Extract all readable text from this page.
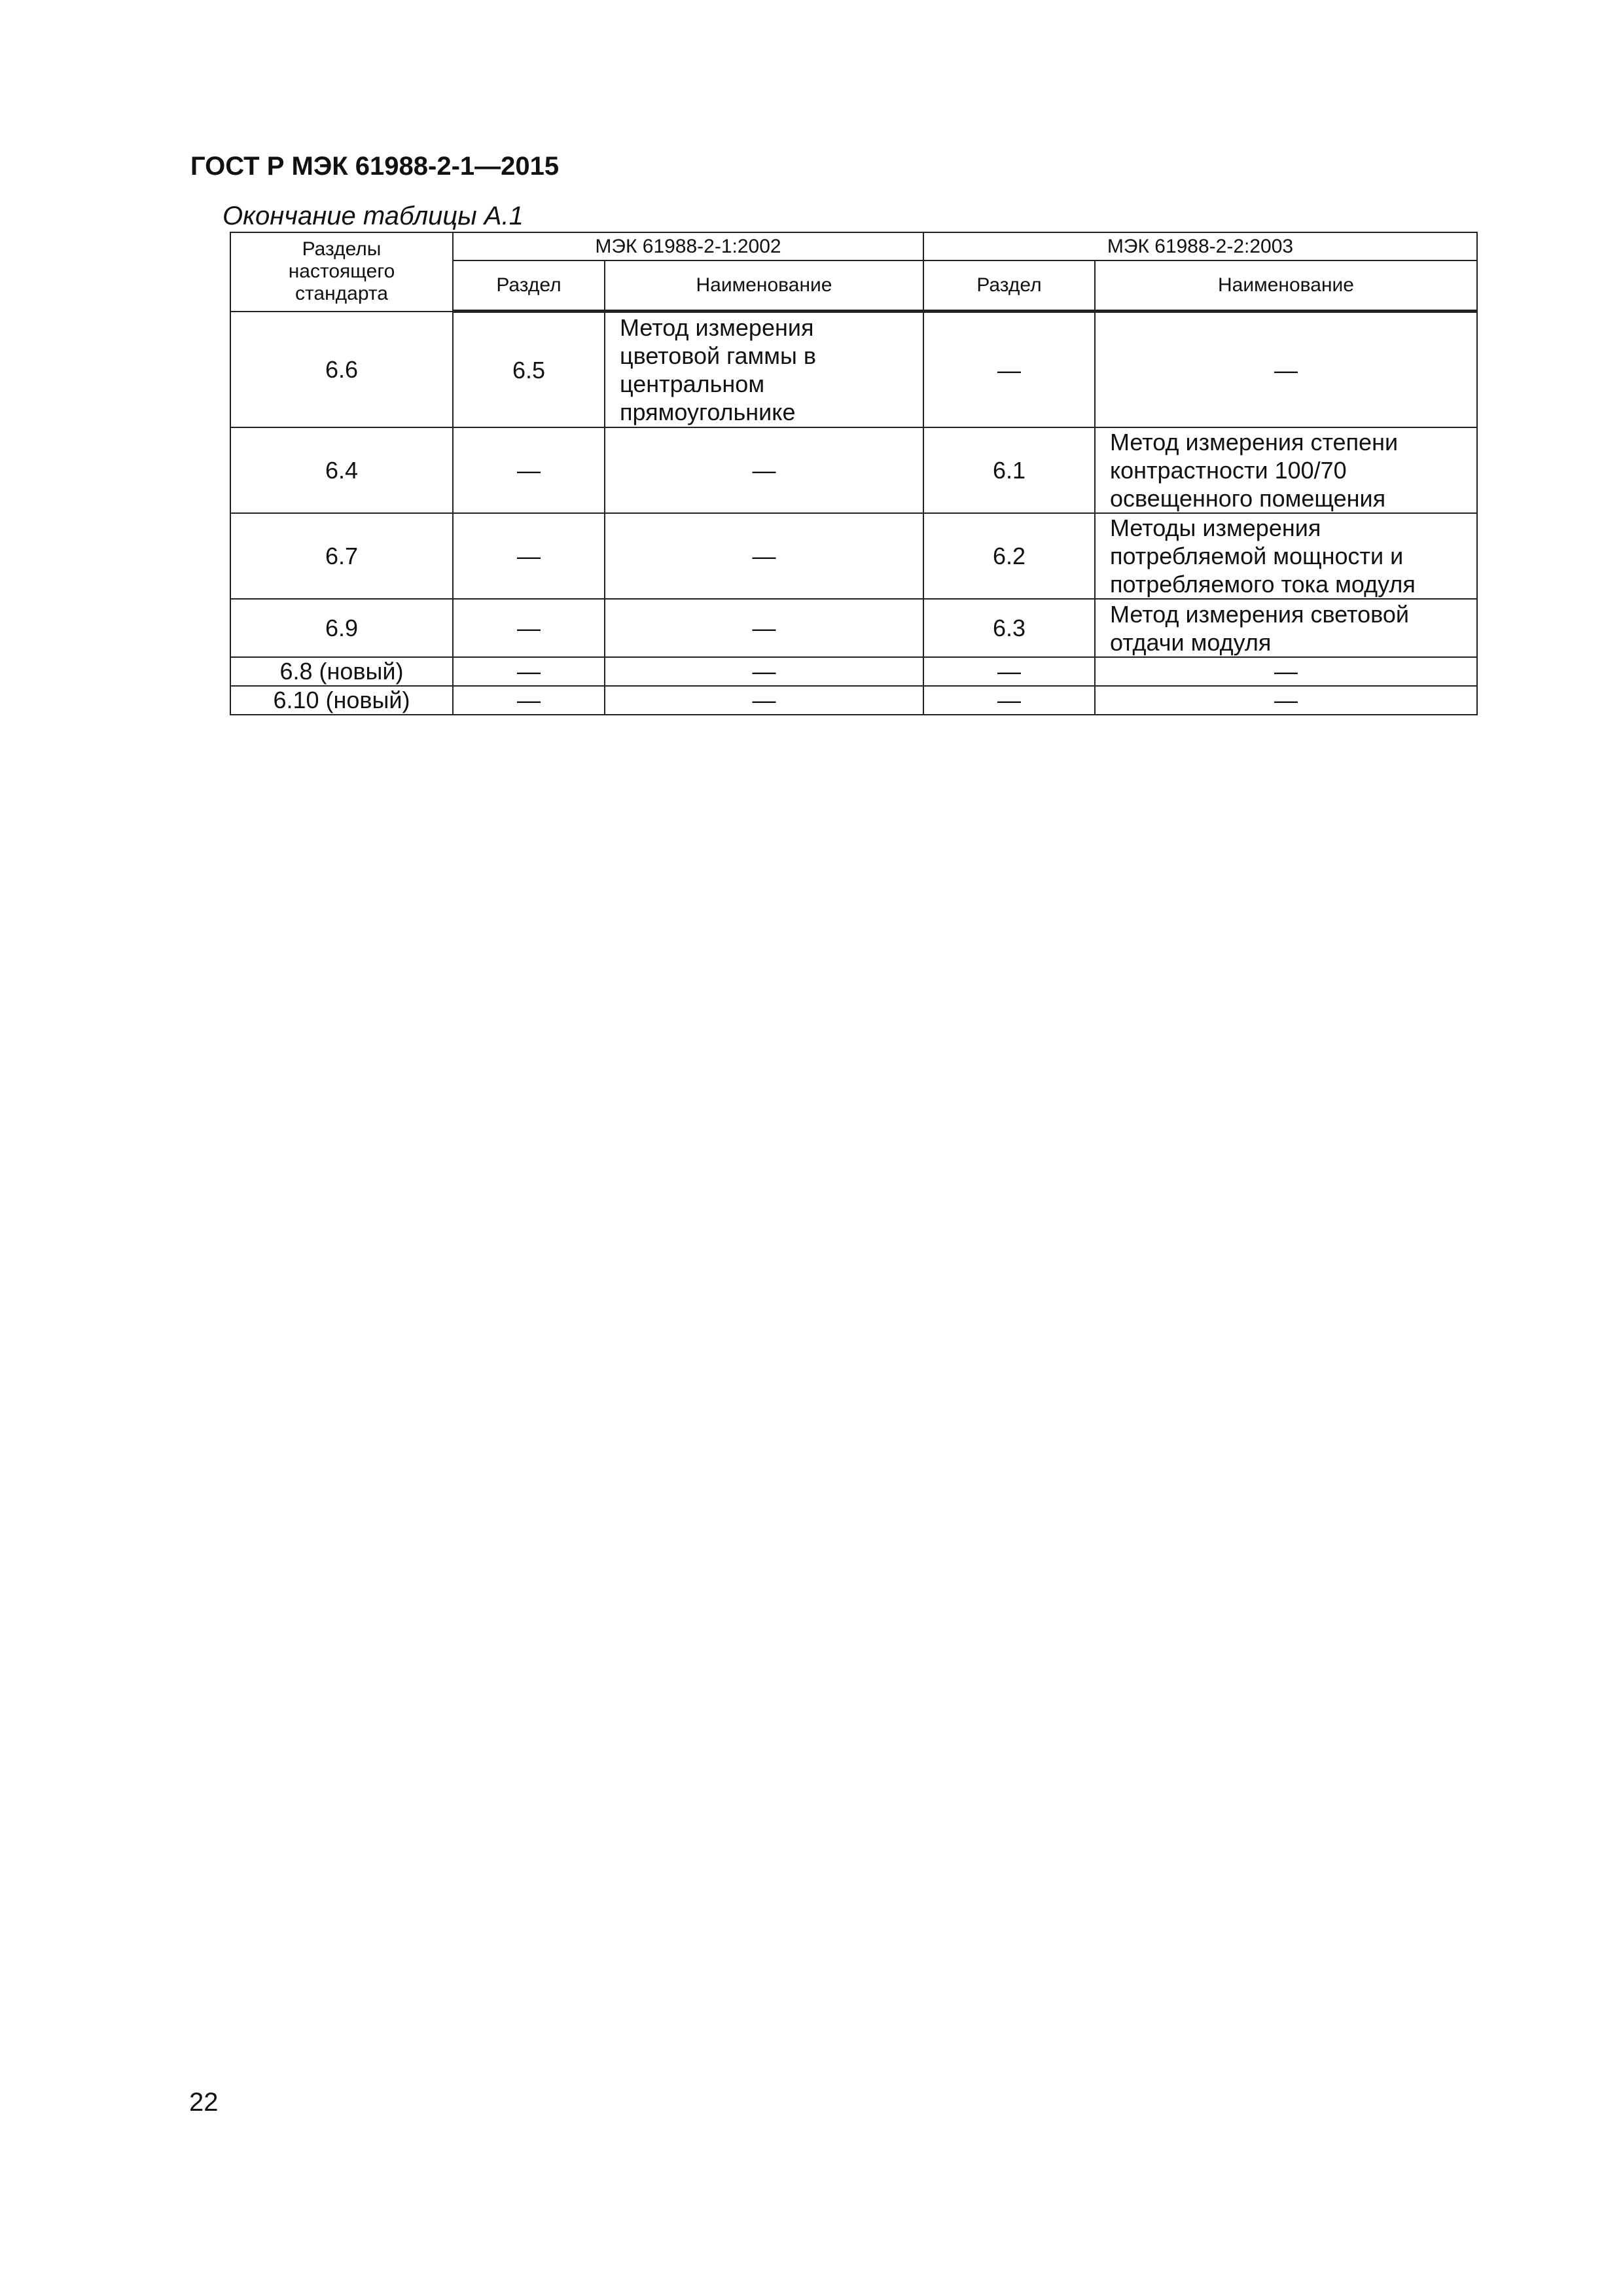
ГОСТ Р МЭК 61988-2-1—2015
Окончание таблицы А.1
Разделы настоящего стандарта	МЭК 61988-2-1:2002		МЭК 61988-2-2:2003	
	Раздел	Наименование	Раздел	Наименование
6.6	6.5	Метод измерения цветовой гаммы в центральном прямоугольнике	—	—
6.4	—	—	6.1	Метод измерения степени контрастности 100/70 освещенного помещения
6.7	—	—	6.2	Методы измерения потребляемой мощности и потребляемого тока модуля
6.9	—	—	6.3	Метод измерения световой отдачи модуля
6.8 (новый)	—	—	—	—
6.10 (новый)	—	—	—	—
22
